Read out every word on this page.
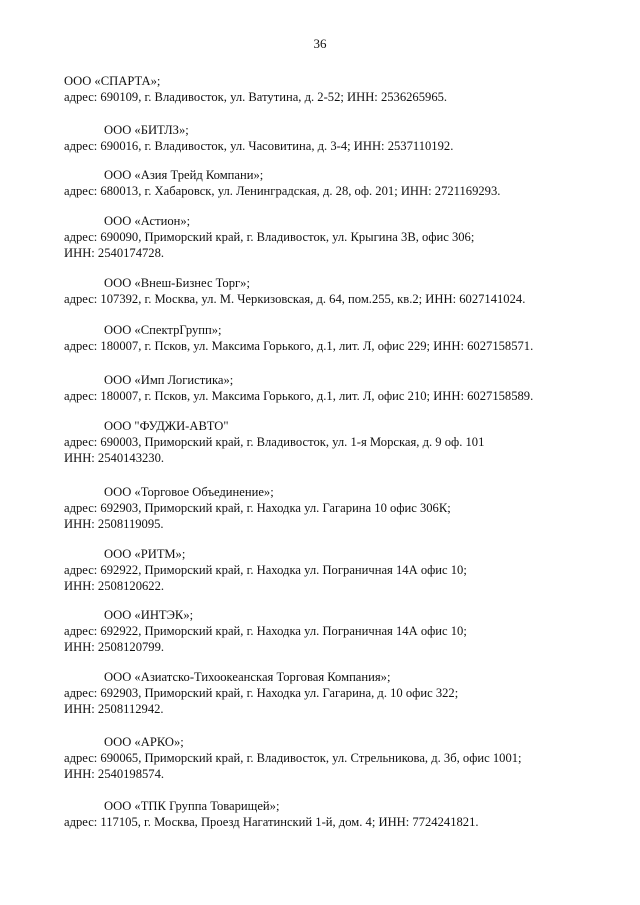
36
ООО «СПАРТА»;
адрес: 690109, г. Владивосток, ул. Ватутина, д. 2-52; ИНН: 2536265965.
ООО «БИТЛЗ»;
адрес: 690016, г. Владивосток, ул. Часовитина, д. 3-4; ИНН: 2537110192.
ООО «Азия Трейд Компани»;
адрес: 680013, г. Хабаровск, ул. Ленинградская, д. 28, оф. 201; ИНН: 2721169293.
ООО «Астион»;
адрес: 690090, Приморский край, г. Владивосток, ул. Крыгина 3В, офис 306;
ИНН: 2540174728.
ООО «Внеш-Бизнес Торг»;
адрес: 107392, г. Москва, ул. М. Черкизовская, д. 64, пом.255, кв.2; ИНН: 6027141024.
ООО «СпектрГрупп»;
адрес: 180007, г. Псков, ул. Максима Горького, д.1, лит. Л, офис 229; ИНН: 6027158571.
ООО «Имп Логистика»;
адрес: 180007, г. Псков, ул. Максима Горького, д.1, лит. Л, офис 210; ИНН: 6027158589.
ООО "ФУДЖИ-АВТО"
адрес: 690003, Приморский край, г. Владивосток, ул. 1-я Морская, д. 9 оф. 101
ИНН: 2540143230.
ООО «Торговое Объединение»;
адрес: 692903, Приморский край, г. Находка ул. Гагарина 10 офис 306К;
ИНН: 2508119095.
ООО «РИТМ»;
адрес: 692922, Приморский край, г. Находка ул. Пограничная 14А офис 10;
ИНН: 2508120622.
ООО «ИНТЭК»;
адрес: 692922, Приморский край, г. Находка ул. Пограничная 14А офис 10;
ИНН: 2508120799.
ООО «Азиатско-Тихоокеанская Торговая Компания»;
адрес: 692903, Приморский край, г. Находка ул. Гагарина, д. 10 офис 322;
ИНН: 2508112942.
ООО «АРКО»;
адрес: 690065, Приморский край, г. Владивосток, ул. Стрельникова, д. 3б, офис 1001;
ИНН: 2540198574.
ООО «ТПК Группа Товарищей»;
адрес: 117105, г. Москва, Проезд Нагатинский 1-й, дом. 4; ИНН: 7724241821.
